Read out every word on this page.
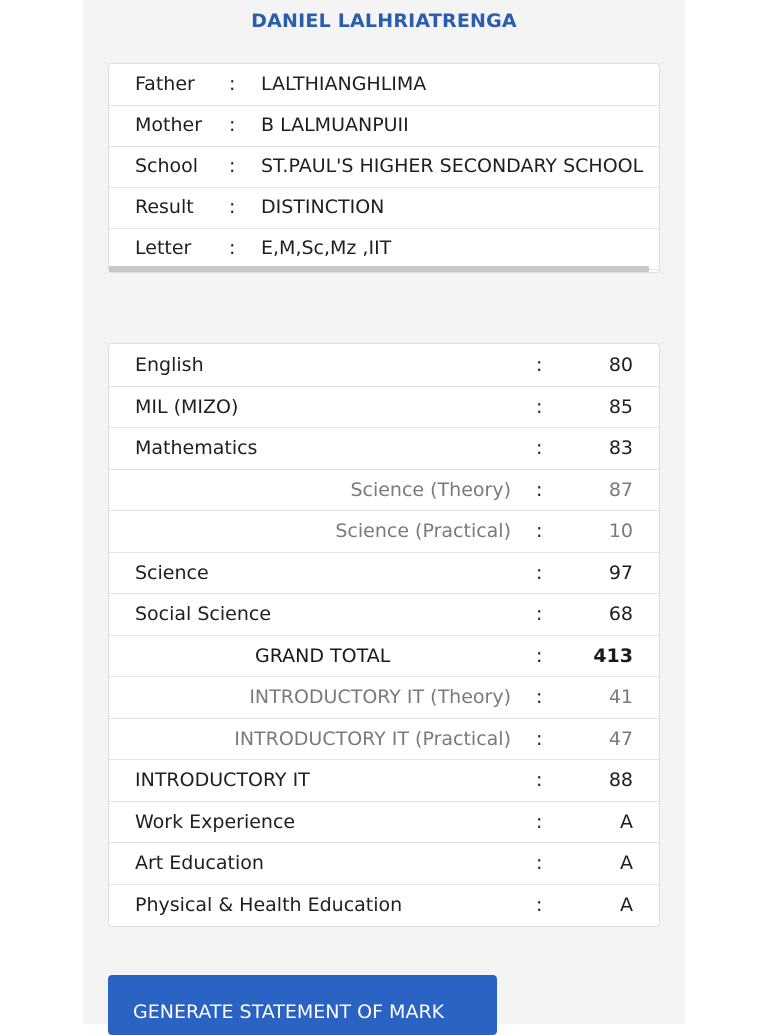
DANIEL LALHRIATRENGA
Father : LALTHIANGHLIMA
Mother : B LALMUANPUII
School : ST.PAUL'S HIGHER SECONDARY SCHOOL
Result : DISTINCTION
Letter : E,M,Sc,Mz ,IIT
English	:	80
MIL (MIZO)	:	85
Mathematics	:	83
Science (Theory) :	87
Science (Practical) :	10
Science	:	97
Social Science	:	68
GRAND TOTAL	:	413
INTRODUCTORY IT (Theory) :	41
INTRODUCTORY IT (Practical) :	47
INTRODUCTORY IT	:	88
Work Experience	:	A
Art Education	:	A
Physical & Health Education	:	A
GENERATE STATEMENT OF MARK
